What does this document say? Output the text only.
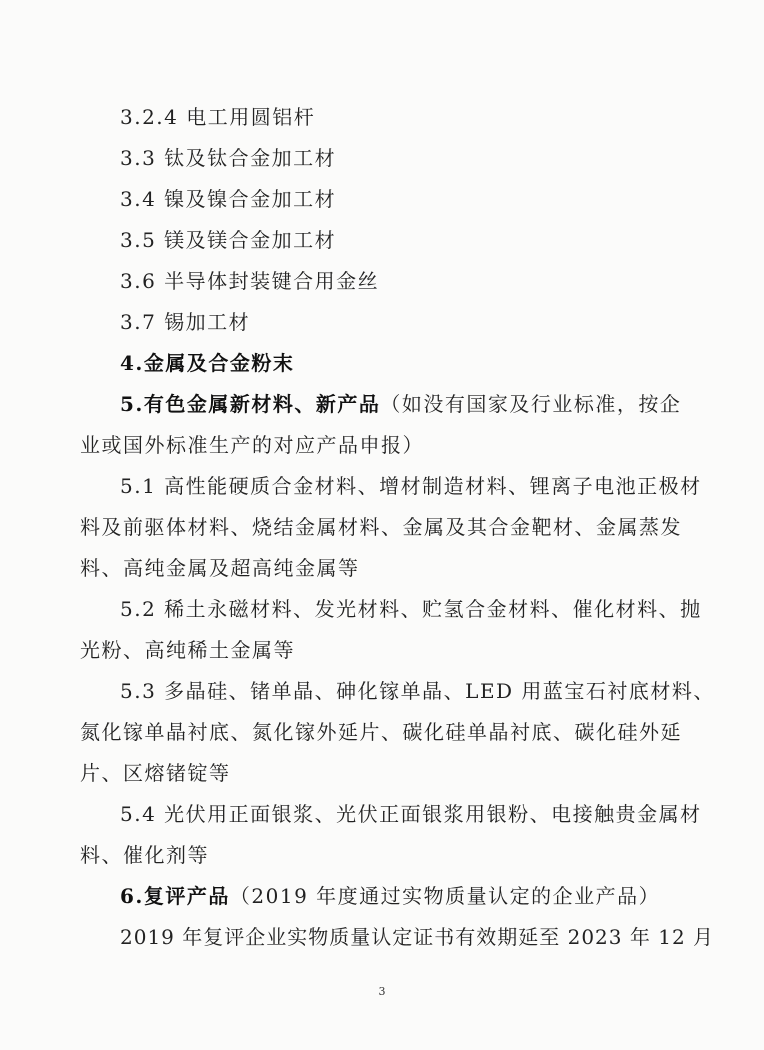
3.2.4 电工用圆铝杆
3.3 钛及钛合金加工材
3.4 镍及镍合金加工材
3.5 镁及镁合金加工材
3.6 半导体封装键合用金丝
3.7 锡加工材
4.金属及合金粉末
5.有色金属新材料、新产品（如没有国家及行业标准，按企
业或国外标准生产的对应产品申报）
5.1 高性能硬质合金材料、增材制造材料、锂离子电池正极材
料及前驱体材料、烧结金属材料、金属及其合金靶材、金属蒸发
料、高纯金属及超高纯金属等
5.2 稀土永磁材料、发光材料、贮氢合金材料、催化材料、抛
光粉、高纯稀土金属等
5.3 多晶硅、锗单晶、砷化镓单晶、LED 用蓝宝石衬底材料、
氮化镓单晶衬底、氮化镓外延片、碳化硅单晶衬底、碳化硅外延
片、区熔锗锭等
5.4 光伏用正面银浆、光伏正面银浆用银粉、电接触贵金属材
料、催化剂等
6.复评产品（2019 年度通过实物质量认定的企业产品）
2019 年复评企业实物质量认定证书有效期延至 2023 年 12 月
3
